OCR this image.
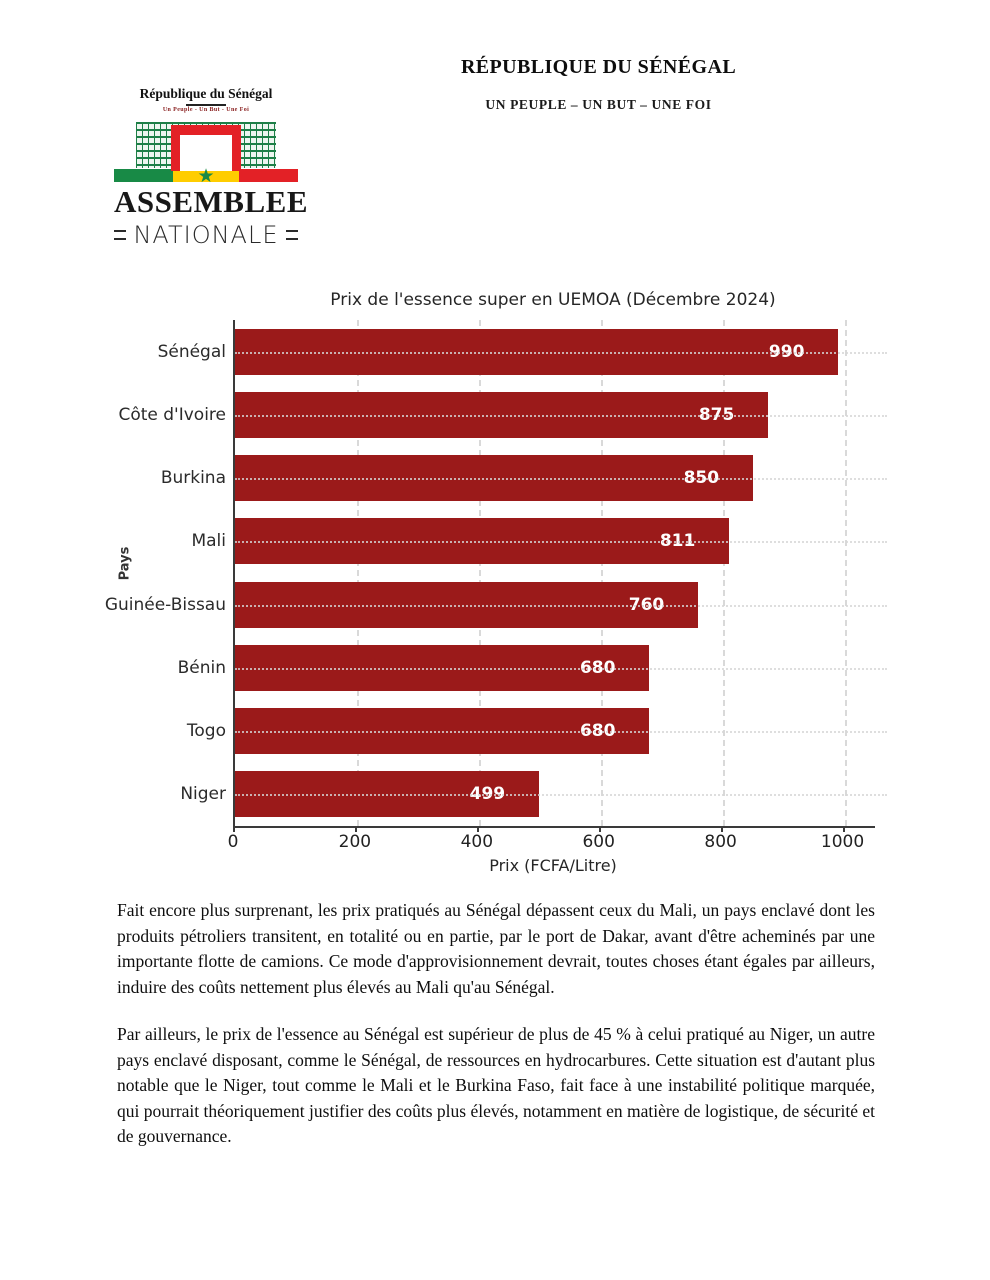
RÉPUBLIQUE DU SÉNÉGAL
UN PEUPLE – UN BUT – UNE FOI
République du Sénégal
Un Peuple - Un But - Une Foi
★
ASSEMBLEE
NATIONALE
Prix de l'essence super en UEMOA (Décembre 2024)
Pays
Sénégal	990
Côte d'Ivoire	875
Burkina	850
Mali	811
Guinée-Bissau	760
Bénin	680
Togo	680
Niger	499
0	200	400	600	800	1000
Prix (FCFA/Litre)
Fait encore plus surprenant, les prix pratiqués au Sénégal dépassent ceux du Mali, un pays enclavé dont les produits pétroliers transitent, en totalité ou en partie, par le port de Dakar, avant d'être acheminés par une importante flotte de camions. Ce mode d'approvisionnement devrait, toutes choses étant égales par ailleurs, induire des coûts nettement plus élevés au Mali qu'au Sénégal.
Par ailleurs, le prix de l'essence au Sénégal est supérieur de plus de 45 % à celui pratiqué au Niger, un autre pays enclavé disposant, comme le Sénégal, de ressources en hydrocarbures. Cette situation est d'autant plus notable que le Niger, tout comme le Mali et le Burkina Faso, fait face à une instabilité politique marquée, qui pourrait théoriquement justifier des coûts plus élevés, notamment en matière de logistique, de sécurité et de gouvernance.
